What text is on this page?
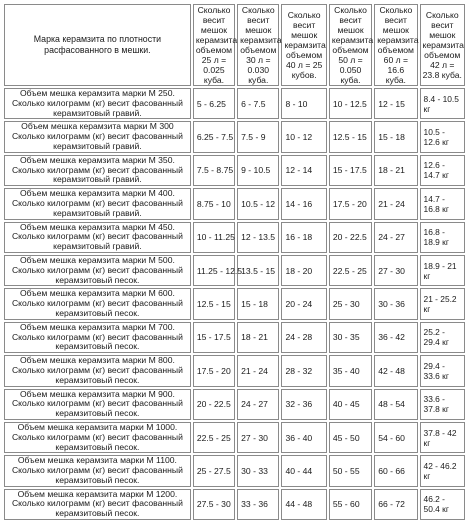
Марка керамзита по плотности расфасованного в мешки.	Сколько весит мешок керамзита объемом 25 л = 0.025 куба.	Сколько весит мешок керамзита объемом 30 л = 0.030 куба.	Сколько весит мешок керамзита объемом 40 л = 25 кубов.	Сколько весит мешок керамзита объемом 50 л = 0.050 куба.	Сколько весит мешок керамзита объемом 60 л = 16.6 куба.	Сколько весит мешок керамзита объемом 42 л = 23.8 куба.
Объем мешка керамзита марки М 250. Сколько килограмм (кг) весит фасованный керамзитовый гравий.	5 - 6.25	6 - 7.5	8 - 10	10 - 12.5	12 - 15	8.4 - 10.5 кг
Объем мешка керамзита марки М 300 Сколько килограмм (кг) весит фасованный керамзитовый гравий.	6.25 - 7.5	7.5 - 9	10 - 12	12.5 - 15	15 - 18	10.5 - 12.6 кг
Объем мешка керамзита марки М 350. Сколько килограмм (кг) весит фасованный керамзитовый гравий.	7.5 - 8.75	9 - 10.5	12 - 14	15 - 17.5	18 - 21	12.6 - 14.7 кг
Объем мешка керамзита марки М 400. Сколько килограмм (кг) весит фасованный керамзитовый гравий.	8.75 - 10	10.5 - 12	14 - 16	17.5 - 20	21 - 24	14.7 - 16.8 кг
Объем мешка керамзита марки М 450. Сколько килограмм (кг) весит фасованный керамзитовый гравий.	10 - 11.25	12 - 13.5	16 - 18	20 - 22.5	24 - 27	16.8 - 18.9 кг
Объем мешка керамзита марки М 500. Сколько килограмм (кг) весит фасованный керамзитовый песок.	11.25 - 12.5	13.5 - 15	18 - 20	22.5 - 25	27 - 30	18.9 - 21 кг
Объем мешка керамзита марки М 600. Сколько килограмм (кг) весит фасованный керамзитовый песок.	12.5 - 15	15 - 18	20 - 24	25 - 30	30 - 36	21 - 25.2 кг
Объем мешка керамзита марки М 700. Сколько килограмм (кг) весит фасованный керамзитовый песок.	15 - 17.5	18 - 21	24 - 28	30 - 35	36 - 42	25.2 - 29.4 кг
Объем мешка керамзита марки М 800. Сколько килограмм (кг) весит фасованный керамзитовый песок.	17.5 - 20	21 - 24	28 - 32	35 - 40	42 - 48	29.4 - 33.6 кг
Объем мешка керамзита марки М 900. Сколько килограмм (кг) весит фасованный керамзитовый песок.	20 - 22.5	24 - 27	32 - 36	40 - 45	48 - 54	33.6 - 37.8 кг
Объем мешка керамзита марки М 1000. Сколько килограмм (кг) весит фасованный керамзитовый песок.	22.5 - 25	27 - 30	36 - 40	45 - 50	54 - 60	37.8 - 42 кг
Объем мешка керамзита марки М 1100. Сколько килограмм (кг) весит фасованный керамзитовый песок.	25 - 27.5	30 - 33	40 - 44	50 - 55	60 - 66	42 - 46.2 кг
Объем мешка керамзита марки М 1200. Сколько килограмм (кг) весит фасованный керамзитовый песок.	27.5 - 30	33 - 36	44 - 48	55 - 60	66 - 72	46.2 - 50.4 кг
